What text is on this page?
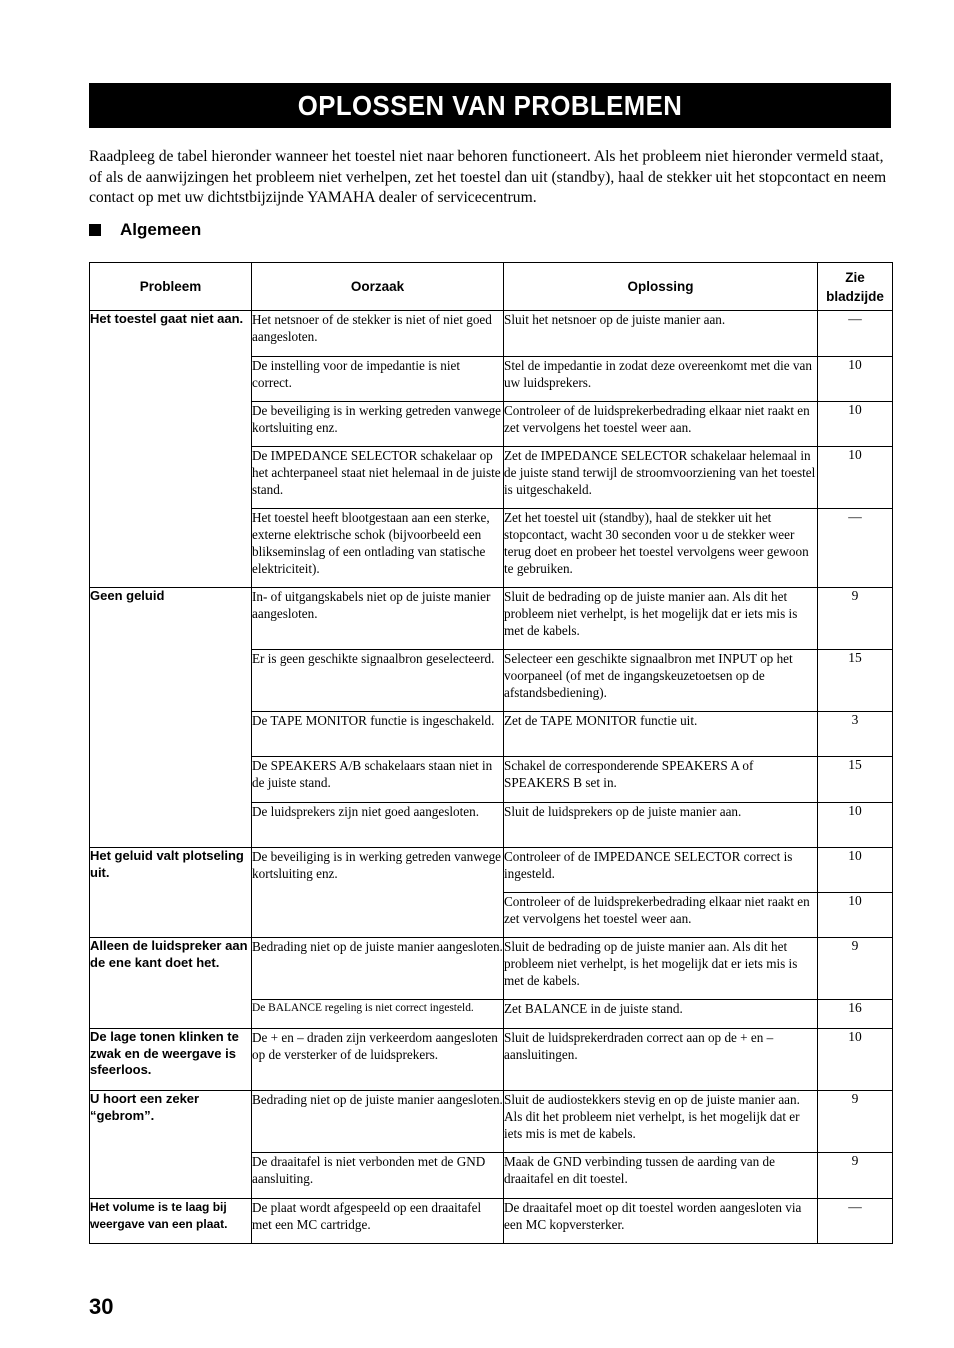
OPLOSSEN VAN PROBLEMEN
Raadpleeg de tabel hieronder wanneer het toestel niet naar behoren functioneert. Als het probleem niet hieronder vermeld staat, of als de aanwijzingen het probleem niet verhelpen, zet het toestel dan uit (standby), haal de stekker uit het stopcontact en neem contact op met uw dichtstbijzijnde YAMAHA dealer of servicecentrum.
Algemeen
Probleem	Oorzaak	Oplossing	Zie
bladzijde
Het toestel gaat niet aan.	Het netsnoer of de stekker is niet of niet goed aangesloten.	Sluit het netsnoer op de juiste manier aan.	—
	De instelling voor de impedantie is niet correct.	Stel de impedantie in zodat deze overeenkomt met die van uw luidsprekers.	10
	De beveiliging is in werking getreden vanwege kortsluiting enz.	Controleer of de luidsprekerbedrading elkaar niet raakt en zet vervolgens het toestel weer aan.	10
	De IMPEDANCE SELECTOR schakelaar op het achterpaneel staat niet helemaal in de juiste stand.	Zet de IMPEDANCE SELECTOR schakelaar helemaal in de juiste stand terwijl de stroomvoorziening van het toestel is uitgeschakeld.	10
	Het toestel heeft blootgestaan aan een sterke, externe elektrische schok (bijvoorbeeld een blikseminslag of een ontlading van statische elektriciteit).	Zet het toestel uit (standby), haal de stekker uit het stopcontact, wacht 30 seconden voor u de stekker weer terug doet en probeer het toestel vervolgens weer gewoon te gebruiken.	—
Geen geluid	In- of uitgangskabels niet op de juiste manier aangesloten.	Sluit de bedrading op de juiste manier aan. Als dit het probleem niet verhelpt, is het mogelijk dat er iets mis is met de kabels.	9
	Er is geen geschikte signaalbron geselecteerd.	Selecteer een geschikte signaalbron met INPUT op het voorpaneel (of met de ingangskeuzetoetsen op de afstandsbediening).	15
	De TAPE MONITOR functie is ingeschakeld.	Zet de TAPE MONITOR functie uit.	3
	De SPEAKERS A/B schakelaars staan niet in de juiste stand.	Schakel de corresponderende SPEAKERS A of SPEAKERS B set in.	15
	De luidsprekers zijn niet goed aangesloten.	Sluit de luidsprekers op de juiste manier aan.	10
Het geluid valt plotseling uit.	De beveiliging is in werking getreden vanwege kortsluiting enz.	Controleer of de IMPEDANCE SELECTOR correct is ingesteld.	10
		Controleer of de luidsprekerbedrading elkaar niet raakt en zet vervolgens het toestel weer aan.	10
Alleen de luidspreker aan de ene kant doet het.	Bedrading niet op de juiste manier aangesloten.	Sluit de bedrading op de juiste manier aan. Als dit het probleem niet verhelpt, is het mogelijk dat er iets mis is met de kabels.	9
	De BALANCE regeling is niet correct ingesteld.	Zet BALANCE in de juiste stand.	16
De lage tonen klinken te zwak en de weergave is sfeerloos.	De + en – draden zijn verkeerdom aangesloten op de versterker of de luidsprekers.	Sluit de luidsprekerdraden correct aan op de + en – aansluitingen.	10
U hoort een zeker “gebrom”.	Bedrading niet op de juiste manier aangesloten.	Sluit de audiostekkers stevig en op de juiste manier aan. Als dit het probleem niet verhelpt, is het mogelijk dat er iets mis is met de kabels.	9
	De draaitafel is niet verbonden met de GND aansluiting.	Maak de GND verbinding tussen de aarding van de draaitafel en dit toestel.	9
Het volume is te laag bij weergave van een plaat.	De plaat wordt afgespeeld op een draaitafel met een MC cartridge.	De draaitafel moet op dit toestel worden aangesloten via een MC kopversterker.	—
30
